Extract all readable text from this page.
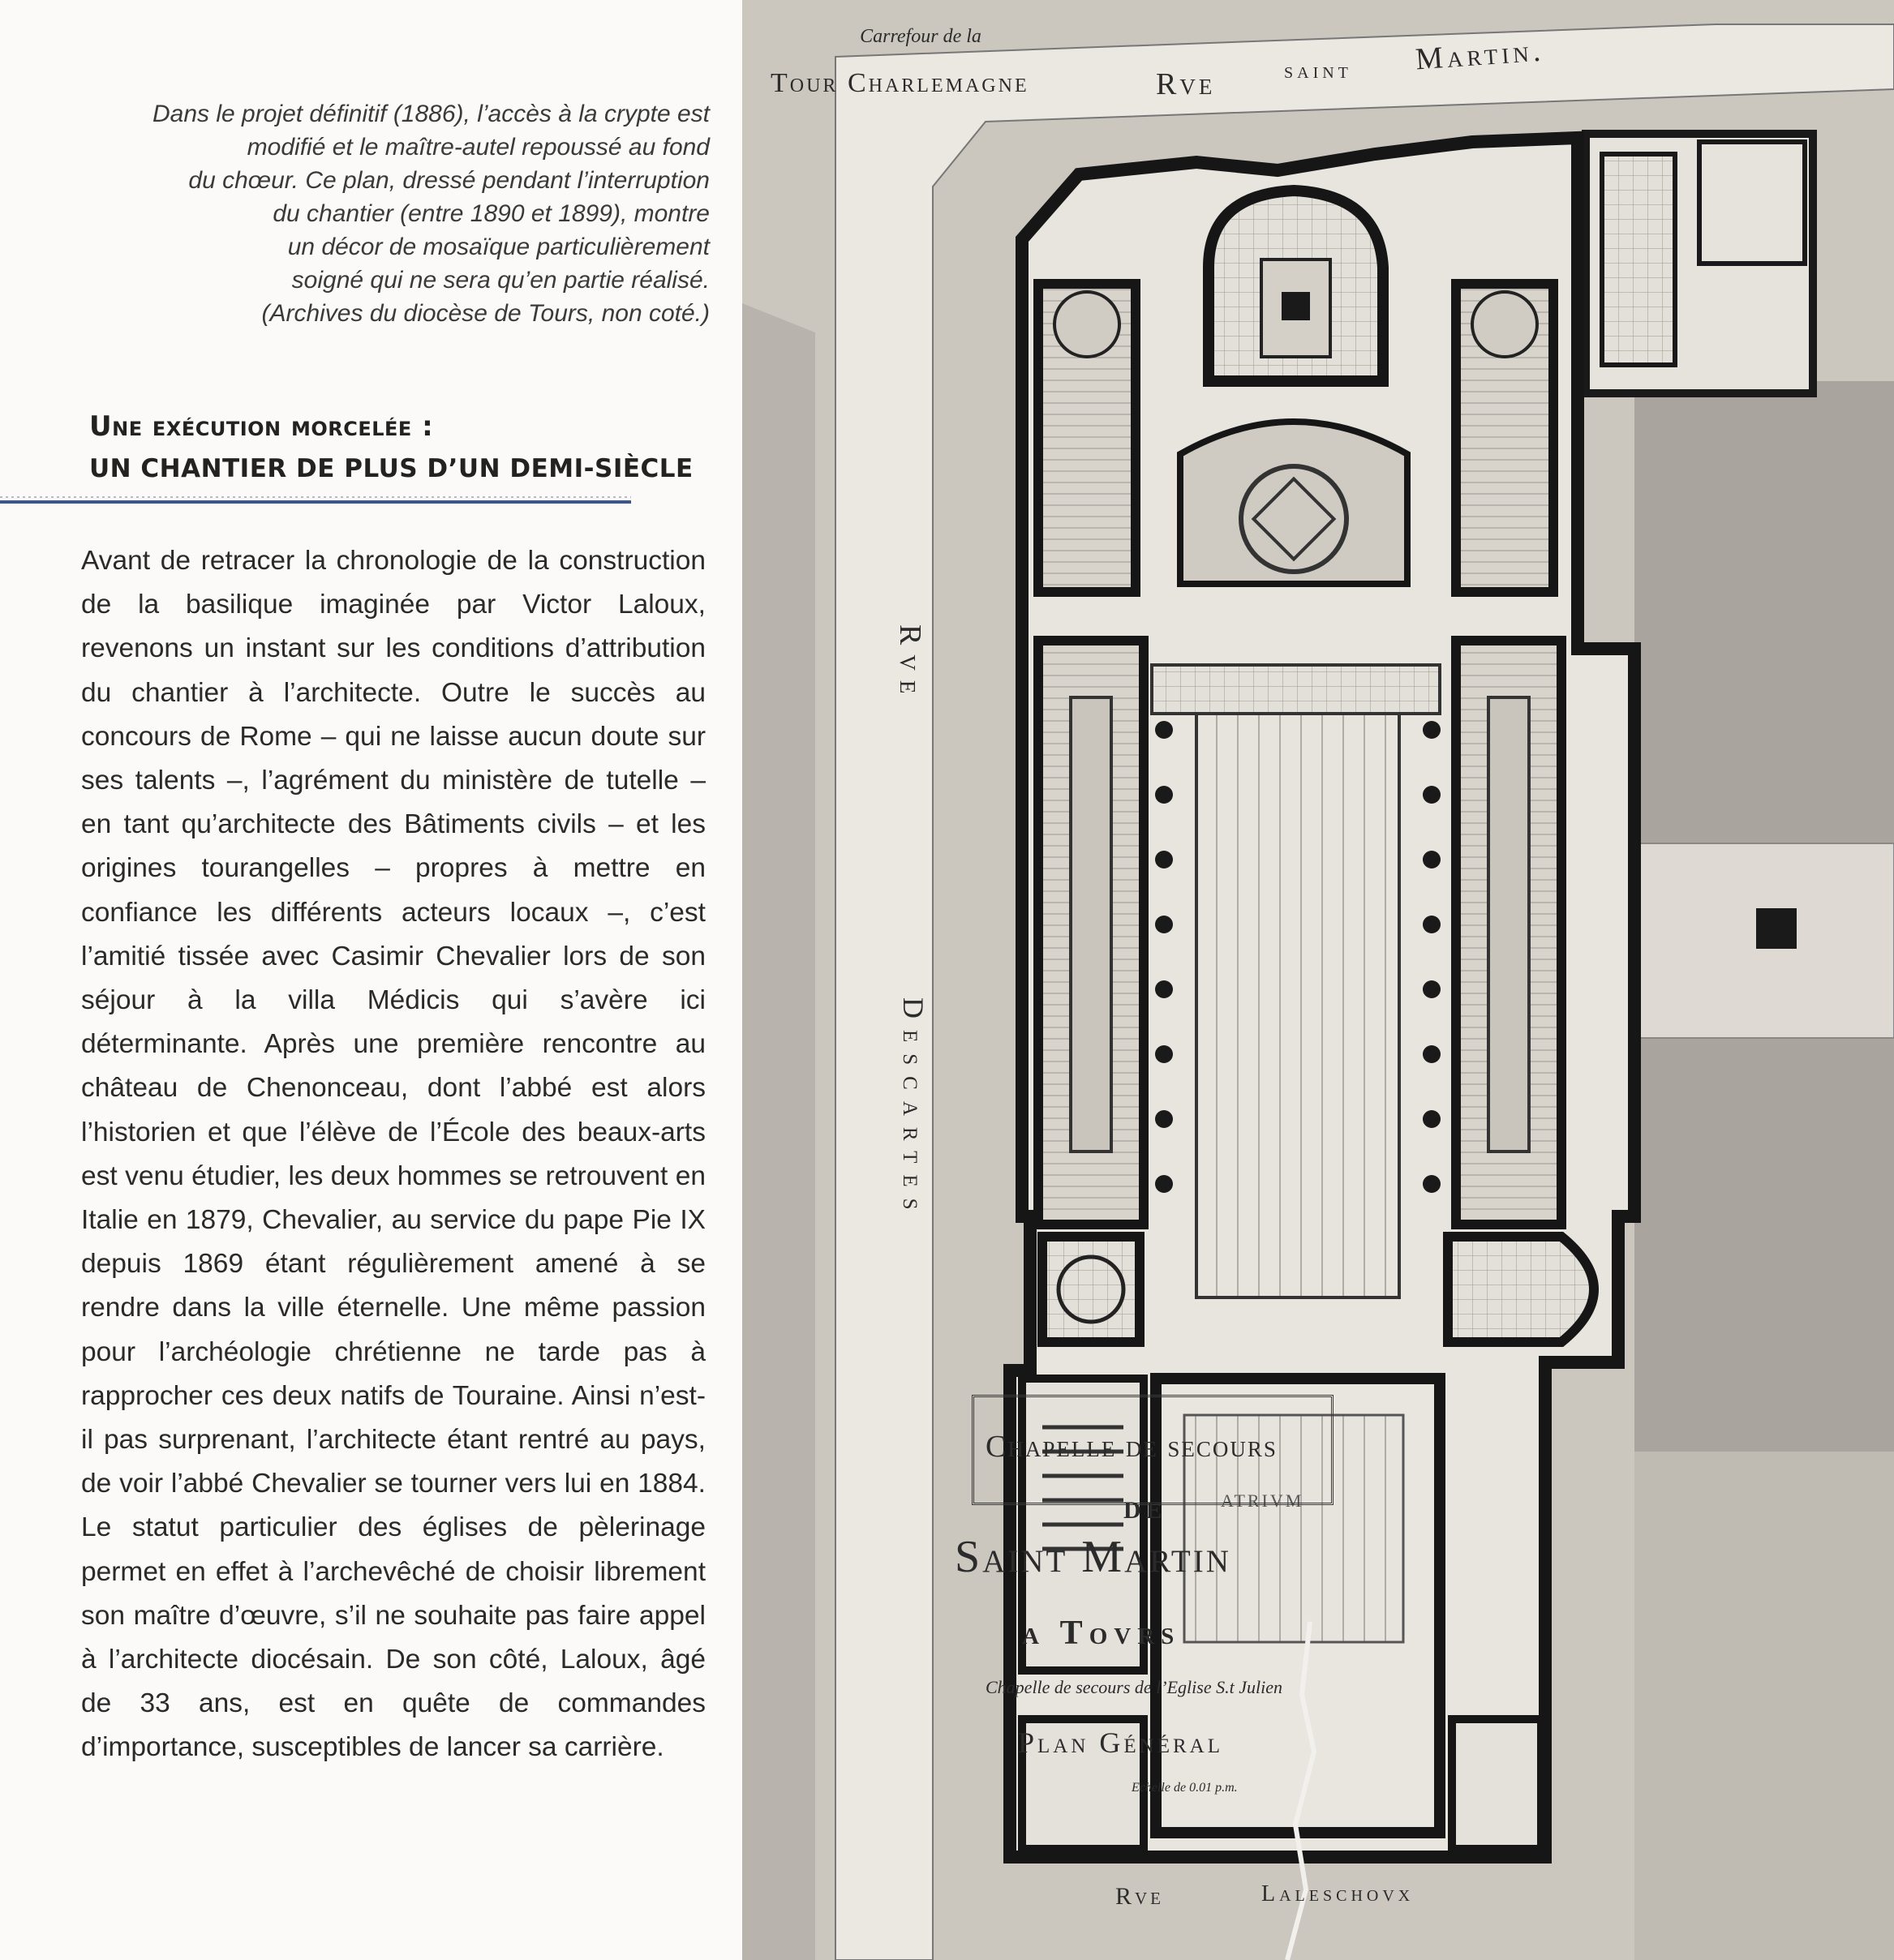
Dans le projet définitif (1886), l’accès à la crypte est
modifié et le maître-autel repoussé au fond
du chœur. Ce plan, dressé pendant l’interruption
du chantier (entre 1890 et 1899), montre
un décor de mosaïque particulièrement
soigné qui ne sera qu’en partie réalisé.
(Archives du diocèse de Tours, non coté.)
Une exécution morcelée :
UN CHANTIER DE PLUS D’UN DEMI-SIÈCLE

Avant de retracer la chronologie de la construction de la basilique imaginée par Victor Laloux, revenons un instant sur les conditions d’attribution du chantier à l’architecte. Outre le succès au concours de Rome – qui ne laisse aucun doute sur ses talents –, l’agrément du ministère de tutelle – en tant qu’architecte des Bâtiments civils – et les origines tourangelles – propres à mettre en confiance les différents acteurs locaux –, c’est l’amitié tissée avec Casimir Chevalier lors de son séjour à la villa Médicis qui s’avère ici déterminante. Après une première rencontre au château de Chenonceau, dont l’abbé est alors l’historien et que l’élève de l’École des beaux-arts est venu étudier, les deux hommes se retrouvent en Italie en 1879, Chevalier, au service du pape Pie IX depuis 1869 étant régulièrement amené à se rendre dans la ville éternelle. Une même passion pour l’archéologie chrétienne ne tarde pas à rapprocher ces deux natifs de Touraine. Ainsi n’est-il pas surprenant, l’architecte étant rentré au pays, de voir l’abbé Chevalier se tourner vers lui en 1884. Le statut particulier des églises de pèlerinage permet en effet à l’archevêché de choisir librement son maître d’œuvre, s’il ne souhaite pas faire appel à l’architecte diocésain. De son côté, Laloux, âgé de 33 ans, est en quête de commandes d’importance, susceptibles de lancer sa carrière.

Carrefour de la
Tour Charlemagne	Rve	saint Martin.
Rve
Descartes
Rve	Laleschovx
ATRIVM
Chapelle de secours
DE
Saint Martin
a Tovrs
Chapelle de secours de l’Eglise S.t Julien
Plan Général
Echelle de 0.01 p.m.
